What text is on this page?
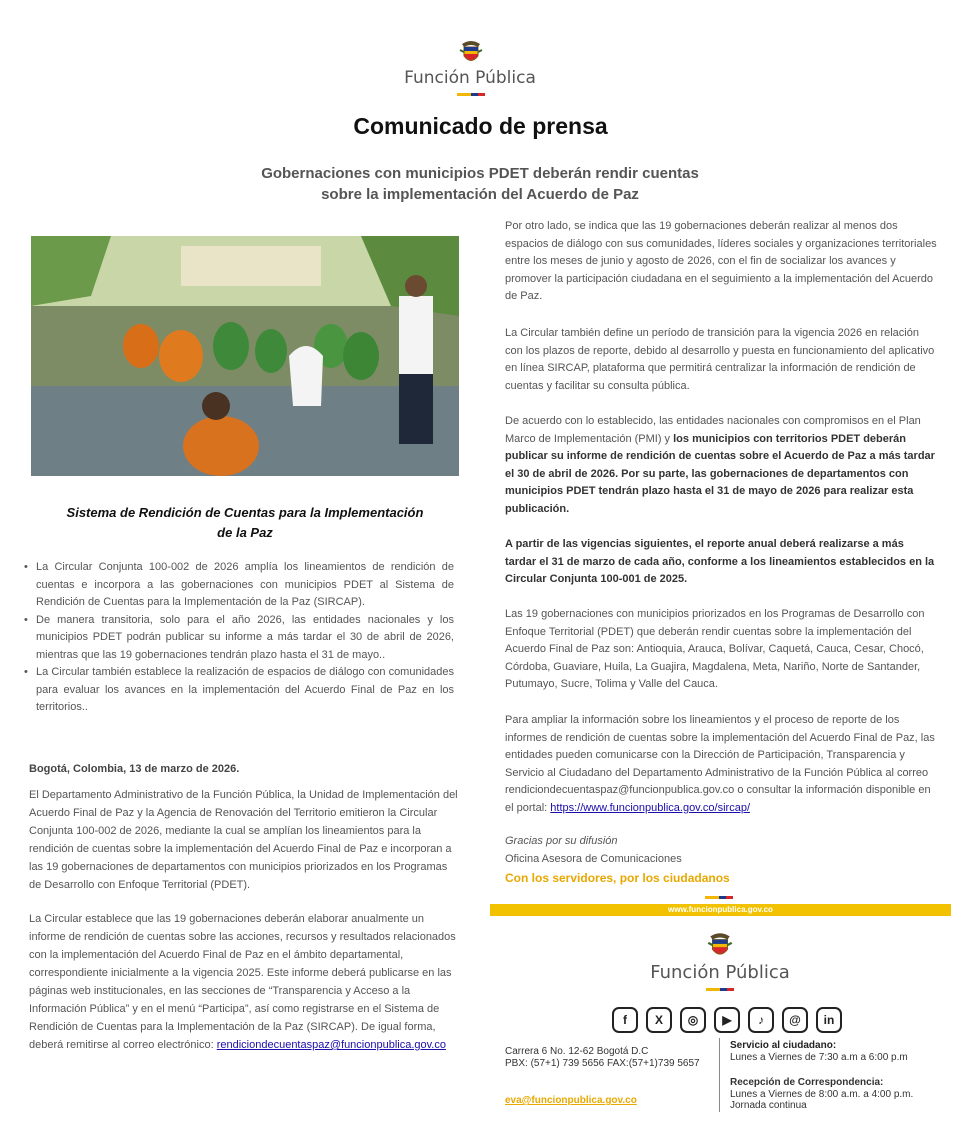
Función Pública
Comunicado de prensa
Gobernaciones con municipios PDET deberán rendir cuentas
sobre la implementación del Acuerdo de Paz
Sistema de Rendición de Cuentas para la Implementación
de la Paz
• La Circular Conjunta 100-002 de 2026 amplía los lineamientos de rendición de cuentas e incorpora a las gobernaciones con municipios PDET al Sistema de Rendición de Cuentas para la Implementación de la Paz (SIRCAP).
• De manera transitoria, solo para el año 2026, las entidades nacionales y los municipios PDET podrán publicar su informe a más tardar el 30 de abril de 2026, mientras que las 19 gobernaciones tendrán plazo hasta el 31 de mayo..
• La Circular también establece la realización de espacios de diálogo con comunidades para evaluar los avances en la implementación del Acuerdo Final de Paz en los territorios..
Bogotá, Colombia, 13 de marzo de 2026.

El Departamento Administrativo de la Función Pública, la Unidad de Implementación del Acuerdo Final de Paz y la Agencia de Renovación del Territorio emitieron la Circular Conjunta 100-002 de 2026, mediante la cual se amplían los lineamientos para la rendición de cuentas sobre la implementación del Acuerdo Final de Paz e incorporan a las 19 gobernaciones de departamentos con municipios priorizados en los Programas de Desarrollo con Enfoque Territorial (PDET).

La Circular establece que las 19 gobernaciones deberán elaborar anualmente un informe de rendición de cuentas sobre las acciones, recursos y resultados relacionados con la implementación del Acuerdo Final de Paz en el ámbito departamental, correspondiente inicialmente a la vigencia 2025. Este informe deberá publicarse en las páginas web institucionales, en las secciones de “Transparencia y Acceso a la Información Pública” y en el menú “Participa”, así como registrarse en el Sistema de Rendición de Cuentas para la Implementación de la Paz (SIRCAP). De igual forma, deberá remitirse al correo electrónico: rendiciondecuentaspaz@funcionpublica.gov.co

Por otro lado, se indica que las 19 gobernaciones deberán realizar al menos dos espacios de diálogo con sus comunidades, líderes sociales y organizaciones territoriales entre los meses de junio y agosto de 2026, con el fin de socializar los avances y promover la participación ciudadana en el seguimiento a la implementación del Acuerdo de Paz.

La Circular también define un período de transición para la vigencia 2026 en relación con los plazos de reporte, debido al desarrollo y puesta en funcionamiento del aplicativo en línea SIRCAP, plataforma que permitirá centralizar la información de rendición de cuentas y facilitar su consulta pública.

De acuerdo con lo establecido, las entidades nacionales con compromisos en el Plan Marco de Implementación (PMI) y los municipios con territorios PDET deberán publicar su informe de rendición de cuentas sobre el Acuerdo de Paz a más tardar el 30 de abril de 2026. Por su parte, las gobernaciones de departamentos con municipios PDET tendrán plazo hasta el 31 de mayo de 2026 para realizar esta publicación.

A partir de las vigencias siguientes, el reporte anual deberá realizarse a más tardar el 31 de marzo de cada año, conforme a los lineamientos establecidos en la Circular Conjunta 100-001 de 2025.

Las 19 gobernaciones con municipios priorizados en los Programas de Desarrollo con Enfoque Territorial (PDET) que deberán rendir cuentas sobre la implementación del Acuerdo Final de Paz son: Antioquia, Arauca, Bolívar, Caquetá, Cauca, Cesar, Chocó, Córdoba, Guaviare, Huila, La Guajira, Magdalena, Meta, Nariño, Norte de Santander, Putumayo, Sucre, Tolima y Valle del Cauca.

Para ampliar la información sobre los lineamientos y el proceso de reporte de los informes de rendición de cuentas sobre la implementación del Acuerdo Final de Paz, las entidades pueden comunicarse con la Dirección de Participación, Transparencia y Servicio al Ciudadano del Departamento Administrativo de la Función Pública al correo rendiciondecuentaspaz@funcionpublica.gov.co o consultar la información disponible en el portal: https://www.funcionpublica.gov.co/sircap/

Gracias por su difusión
Oficina Asesora de Comunicaciones
Con los servidores, por los ciudadanos
www.funcionpublica.gov.co
Función Pública
f	X	◎	▶	♪	@	in
Carrera 6 No. 12-62 Bogotá D.C
PBX: (57+1) 739 5656 FAX:(57+1)739 5657
Servicio al ciudadano:
Lunes a Viernes de 7:30 a.m a 6:00 p.m
Recepción de Correspondencia:
Lunes a Viernes de 8:00 a.m. a 4:00 p.m.
Jornada continua
eva@funcionpublica.gov.co
